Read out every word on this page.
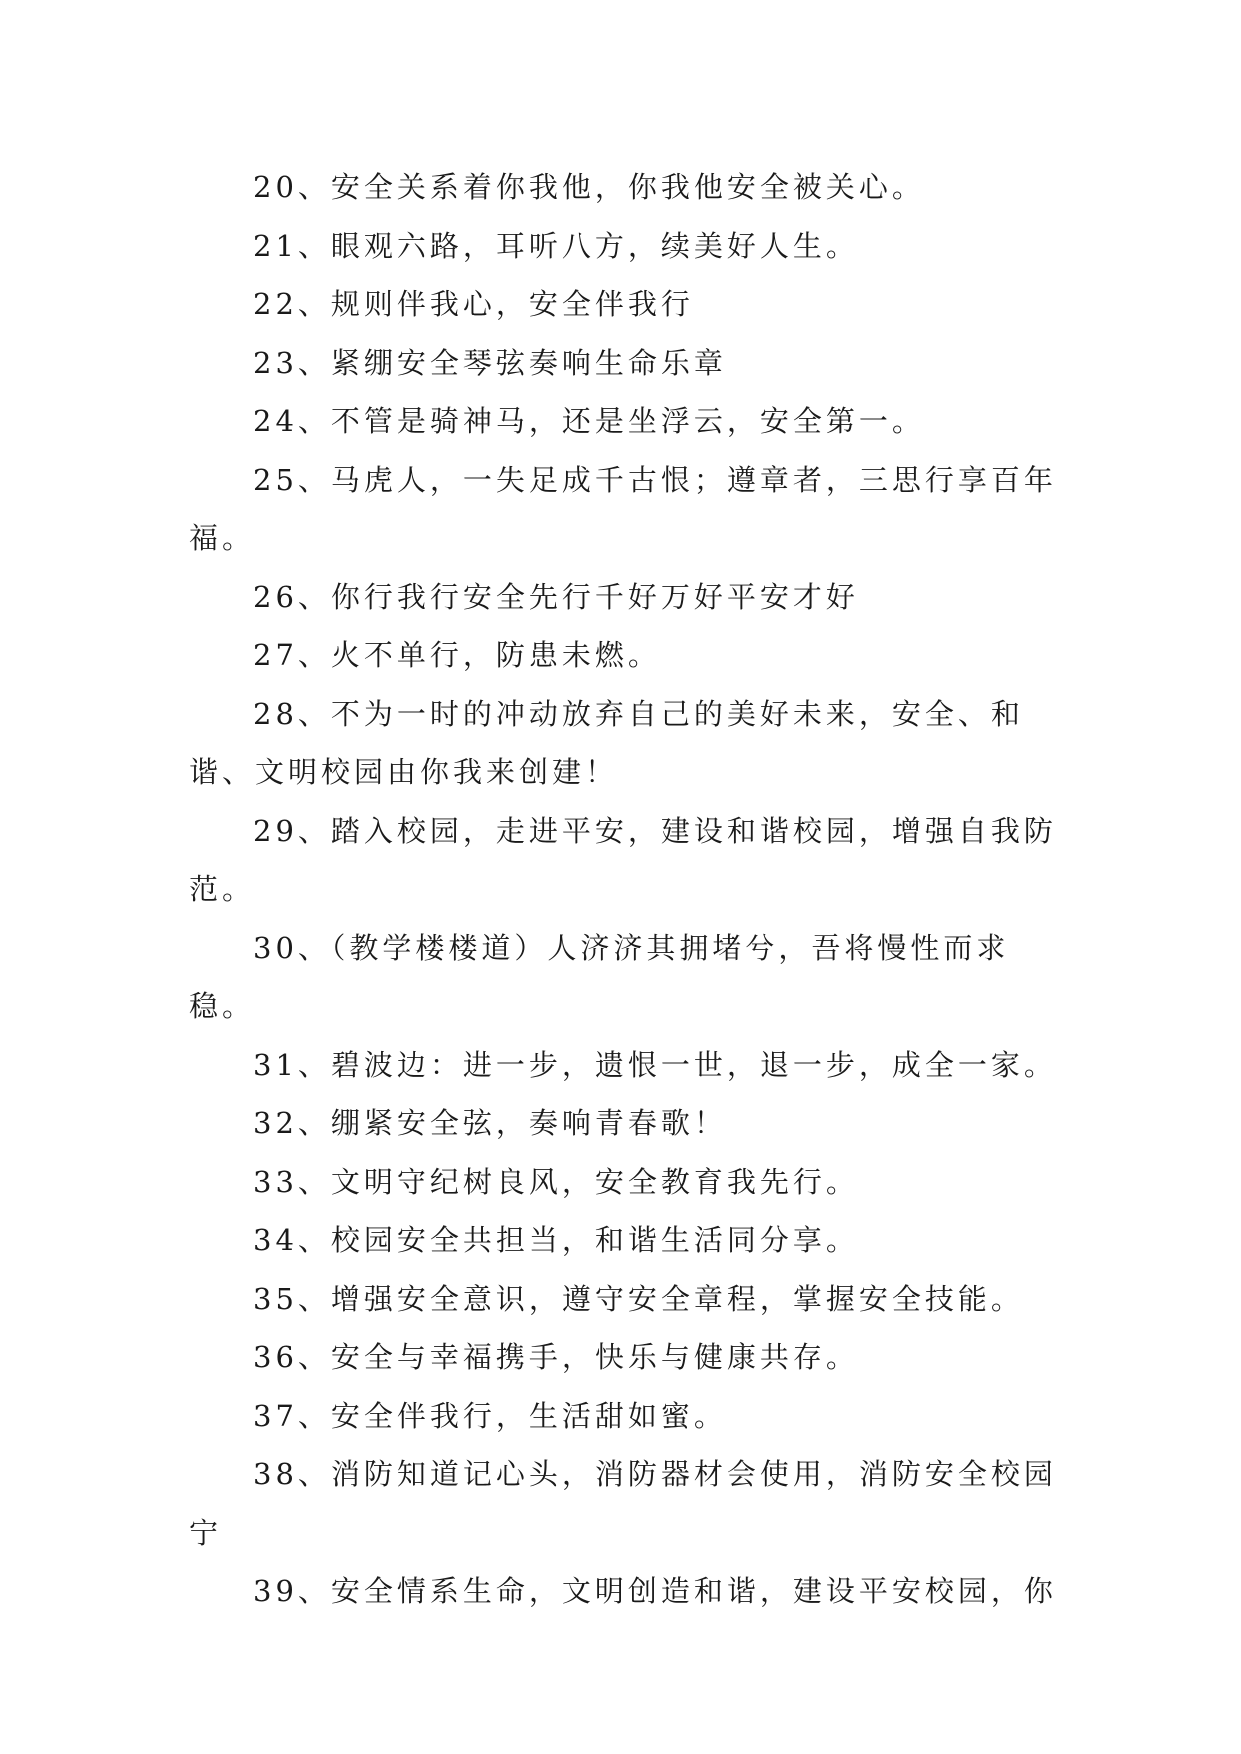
20、安全关系着你我他，你我他安全被关心。

21、眼观六路，耳听八方，续美好人生。

22、规则伴我心，安全伴我行

23、紧绷安全琴弦奏响生命乐章

24、不管是骑神马，还是坐浮云，安全第一。

25、马虎人，一失足成千古恨；遵章者，三思行享百年福。

26、你行我行安全先行千好万好平安才好

27、火不单行，防患未燃。

28、不为一时的冲动放弃自己的美好未来，安全、和谐、文明校园由你我来创建！

29、踏入校园，走进平安，建设和谐校园，增强自我防范。

30、（教学楼楼道）人济济其拥堵兮，吾将慢性而求稳。

31、碧波边：进一步，遗恨一世，退一步，成全一家。

32、绷紧安全弦，奏响青春歌！

33、文明守纪树良风，安全教育我先行。

34、校园安全共担当，和谐生活同分享。

35、增强安全意识，遵守安全章程，掌握安全技能。

36、安全与幸福携手，快乐与健康共存。

37、安全伴我行，生活甜如蜜。

38、消防知道记心头，消防器材会使用，消防安全校园宁

39、安全情系生命，文明创造和谐，建设平安校园，你
